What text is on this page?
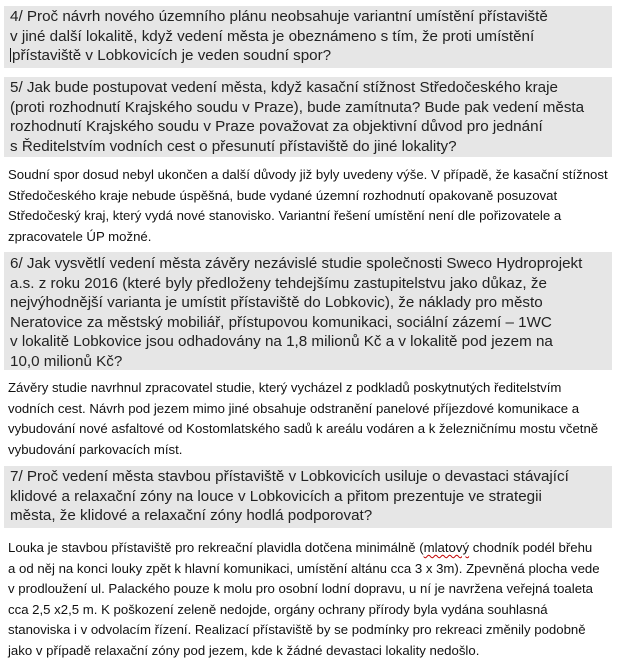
4/ Proč návrh nového územního plánu neobsahuje variantní umístění přístaviště
v jiné další lokalitě, když vedení města je obeznámeno s tím, že proti umístění
přístaviště v Lobkovicích je veden soudní spor?
5/ Jak bude postupovat vedení města, když kasační stížnost Středočeského kraje
(proti rozhodnutí Krajského soudu v Praze), bude zamítnuta? Bude pak vedení města
rozhodnutí Krajského soudu v Praze považovat za objektivní důvod pro jednání
s Ředitelstvím vodních cest o přesunutí přístaviště do jiné lokality?
Soudní spor dosud nebyl ukončen a další důvody již byly uvedeny výše. V případě, že kasační stížnost
Středočeského kraje nebude úspěšná, bude vydané územní rozhodnutí opakovaně posuzovat
Středočeský kraj, který vydá nové stanovisko. Variantní řešení umístění není dle pořizovatele a
zpracovatele ÚP možné.
6/ Jak vysvětlí vedení města závěry nezávislé studie společnosti Sweco Hydroprojekt
a.s. z roku 2016 (které byly předloženy tehdejšímu zastupitelstvu jako důkaz, že
nejvýhodnější varianta je umístit přístaviště do Lobkovic), že náklady pro město
Neratovice za městský mobiliář, přístupovou komunikaci, sociální zázemí – 1WC
v lokalitě Lobkovice jsou odhadovány na 1,8 milionů Kč a v lokalitě pod jezem na
10,0 milionů Kč?
Závěry studie navrhnul zpracovatel studie, který vycházel z podkladů poskytnutých ředitelstvím
vodních cest. Návrh pod jezem mimo jiné obsahuje odstranění panelové příjezdové komunikace a
vybudování nové asfaltové od Kostomlatského sadů k areálu vodáren a k železničnímu mostu včetně
vybudování parkovacích míst.
7/ Proč vedení města stavbou přístaviště v Lobkovicích usiluje o devastaci stávající
klidové a relaxační zóny na louce v Lobkovicích a přitom prezentuje ve strategii
města, že klidové a relaxační zóny hodlá podporovat?
Louka je stavbou přístaviště pro rekreační plavidla dotčena minimálně (mlatový chodník podél břehu
a od něj na konci louky zpět k hlavní komunikaci, umístění altánu cca 3 x 3m). Zpevněná plocha vede
v prodloužení ul. Palackého pouze k molu pro osobní lodní dopravu, u ní je navržena veřejná toaleta
cca 2,5 x2,5 m. K poškození zeleně nedojde, orgány ochrany přírody byla vydána souhlasná
stanoviska i v odvolacím řízení. Realizací přístaviště by se podmínky pro rekreaci změnily podobně
jako v případě relaxační zóny pod jezem, kde k žádné devastaci lokality nedošlo.
